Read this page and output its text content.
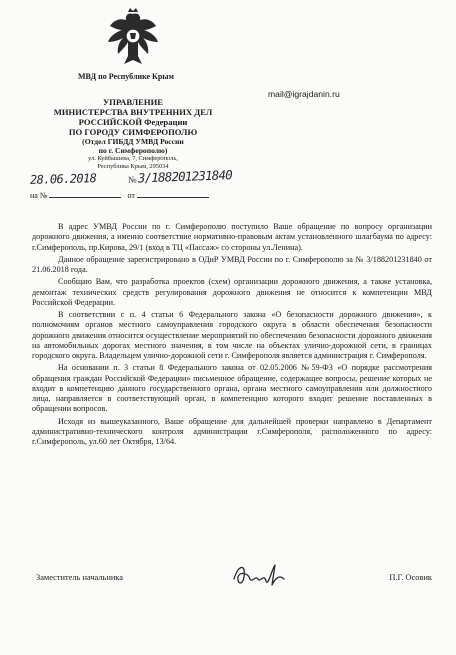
МВД по Республике Крым
УПРАВЛЕНИЕ
МИНИСТЕРСТВА ВНУТРЕННИХ ДЕЛ
РОССИЙСКОЙ Федерации
ПО ГОРОДУ СИМФЕРОПОЛЮ
(Отдел ГИБДД УМВД России
по г. Симферополю)
ул. Куйбышева, 7, Симферополь,
Республика Крым, 295034
mail@igrajdanin.ru
28.06.2018	№ 3/188201231840
на №	от

В адрес УМВД России по г. Симферополю поступило Ваше обращение по вопросу организации дорожного движения, а именно соответствие нормативно-правовым актам установленного шлагбаума по адресу: г.Симферополь, пр.Кирова, 29/1 (вход в ТЦ «Пассаж» со стороны ул.Ленина).

Данное обращение зарегистрировано в ОДиР УМВД России по г. Симферополю за № 3/188201231840 от 21.06.2018 года.

Сообщаю Вам, что разработка проектов (схем) организации дорожного движения, а также установка, демонтаж технических средств регулирования дорожного движения не относится к компетенции МВД Российской Федерации.

В соответствии с п. 4 статьи 6 Федерального закона «О безопасности дорожного движения», к полномочиям органов местного самоуправления городского округа в области обеспечения безопасности дорожного движения относится осуществление мероприятий по обеспечению безопасности дорожного движения на автомобильных дорогах местного значения, в том числе на объектах улично-дорожной сети, в границах городского округа. Владельцем улично-дорожной сети г. Симферополя является администрация г. Симферополя.

На основании п. 3 статьи 8 Федерального закона от 02.05.2006 №59-ФЗ «О порядке рассмотрения обращения граждан Российской Федерации» письменное обращение, содержащее вопросы, решение которых не входит в компетенцию данного государственного органа, органа местного самоуправления или должностного лица, направляется в соответствующий орган, в компетенцию которого входит решение поставленных в обращении вопросов.

Исходя из вышеуказанного, Ваше обращение для дальнейшей проверки направлено в Департамент административно-технического контроля администрации г.Симферополя, расположенного по адресу: г.Симферополь, ул.60 лет Октября, 13/64.

Заместитель начальника	П.Г. Осовик
